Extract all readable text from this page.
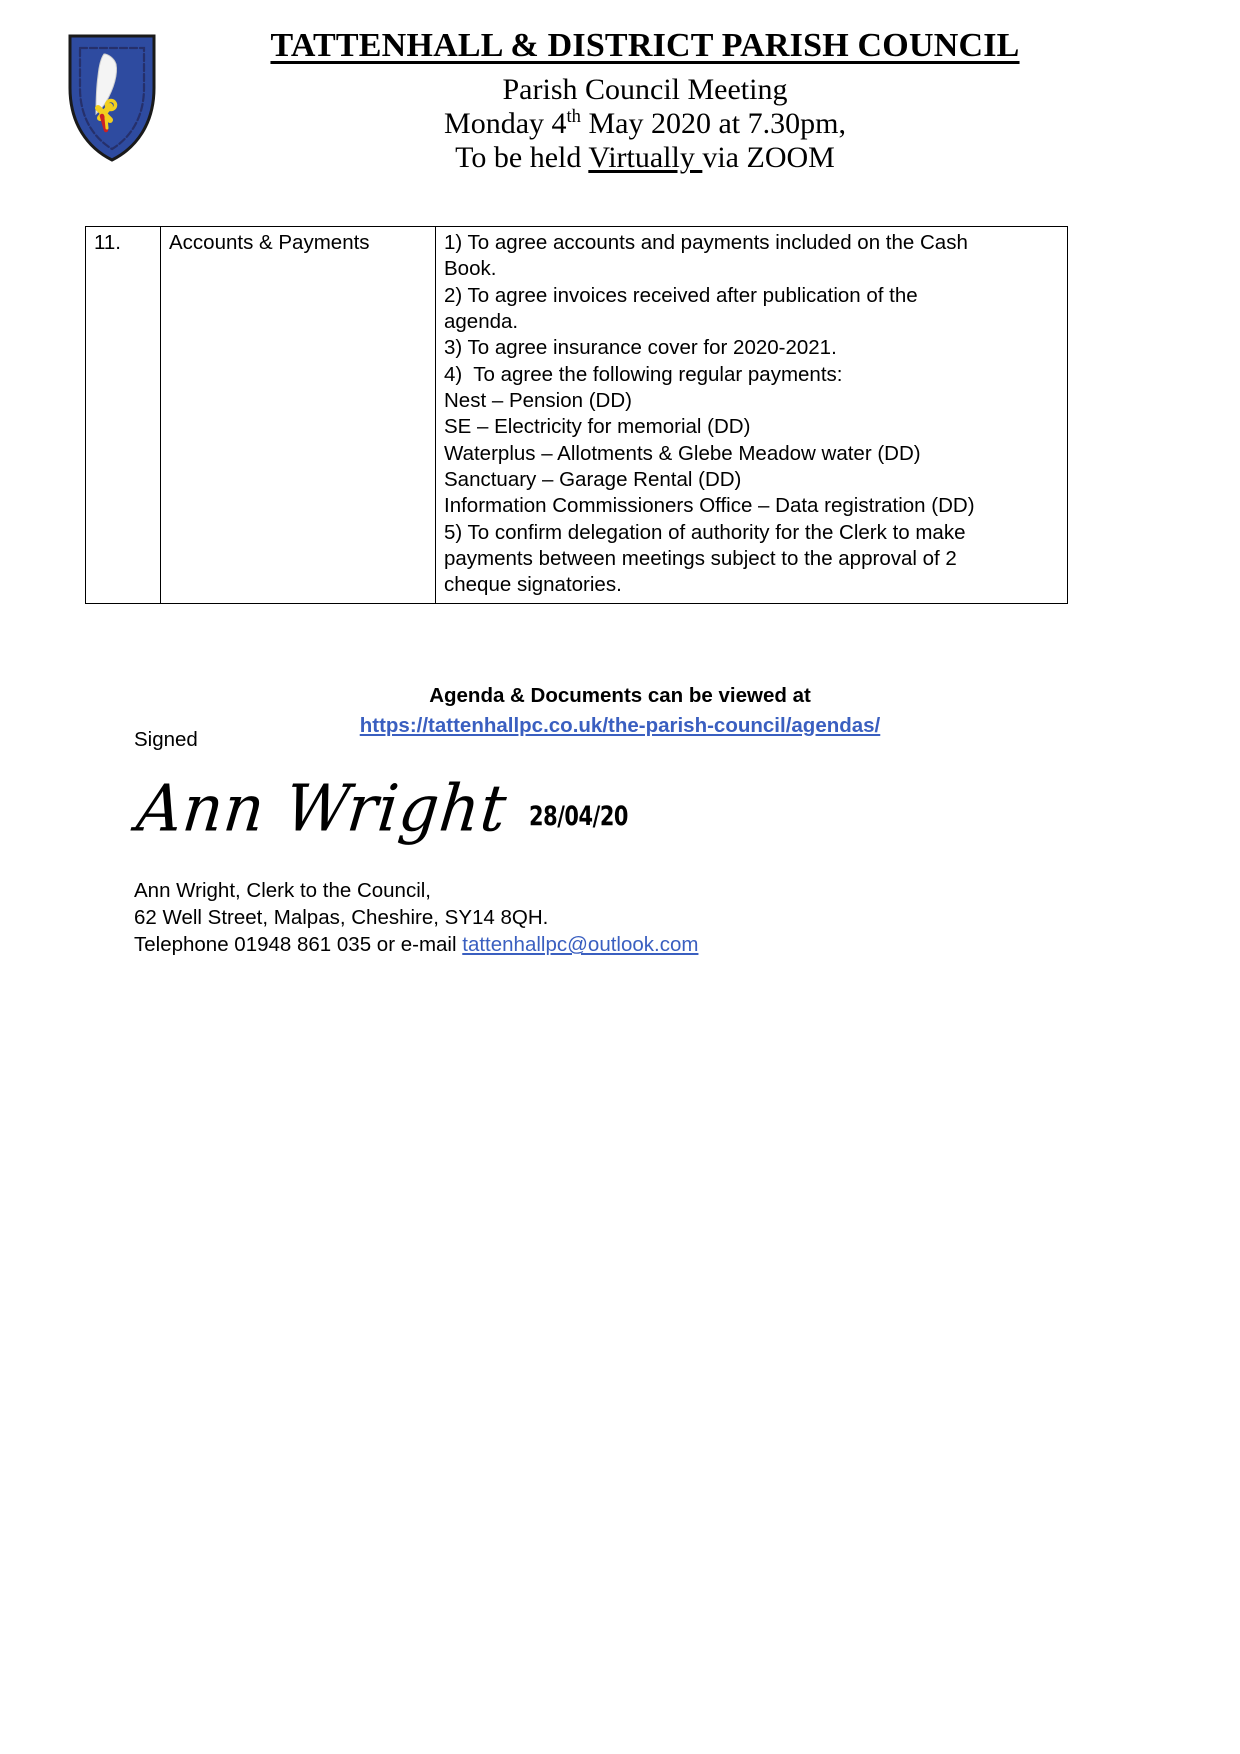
TATTENHALL & DISTRICT PARISH COUNCIL
Parish Council Meeting
Monday 4th May 2020 at 7.30pm,
To be held Virtually via ZOOM
11.	Accounts & Payments	1) To agree accounts and payments included on the Cash

Book.

2) To agree invoices received after publication of the

agenda.

3) To agree insurance cover for 2020-2021.

4)  To agree the following regular payments:

Nest – Pension (DD)

SE – Electricity for memorial (DD)

Waterplus – Allotments & Glebe Meadow water (DD)

Sanctuary – Garage Rental (DD)

Information Commissioners Office – Data registration (DD)

5) To confirm delegation of authority for the Clerk to make

payments between meetings subject to the approval of 2

cheque signatories.

Agenda & Documents can be viewed at
https://tattenhallpc.co.uk/the-parish-council/agendas/
Signed
Ann Wright 28/04/20

Ann Wright, Clerk to the Council,

62 Well Street, Malpas, Cheshire, SY14 8QH.

Telephone 01948 861 035 or e-mail tattenhallpc@outlook.com
